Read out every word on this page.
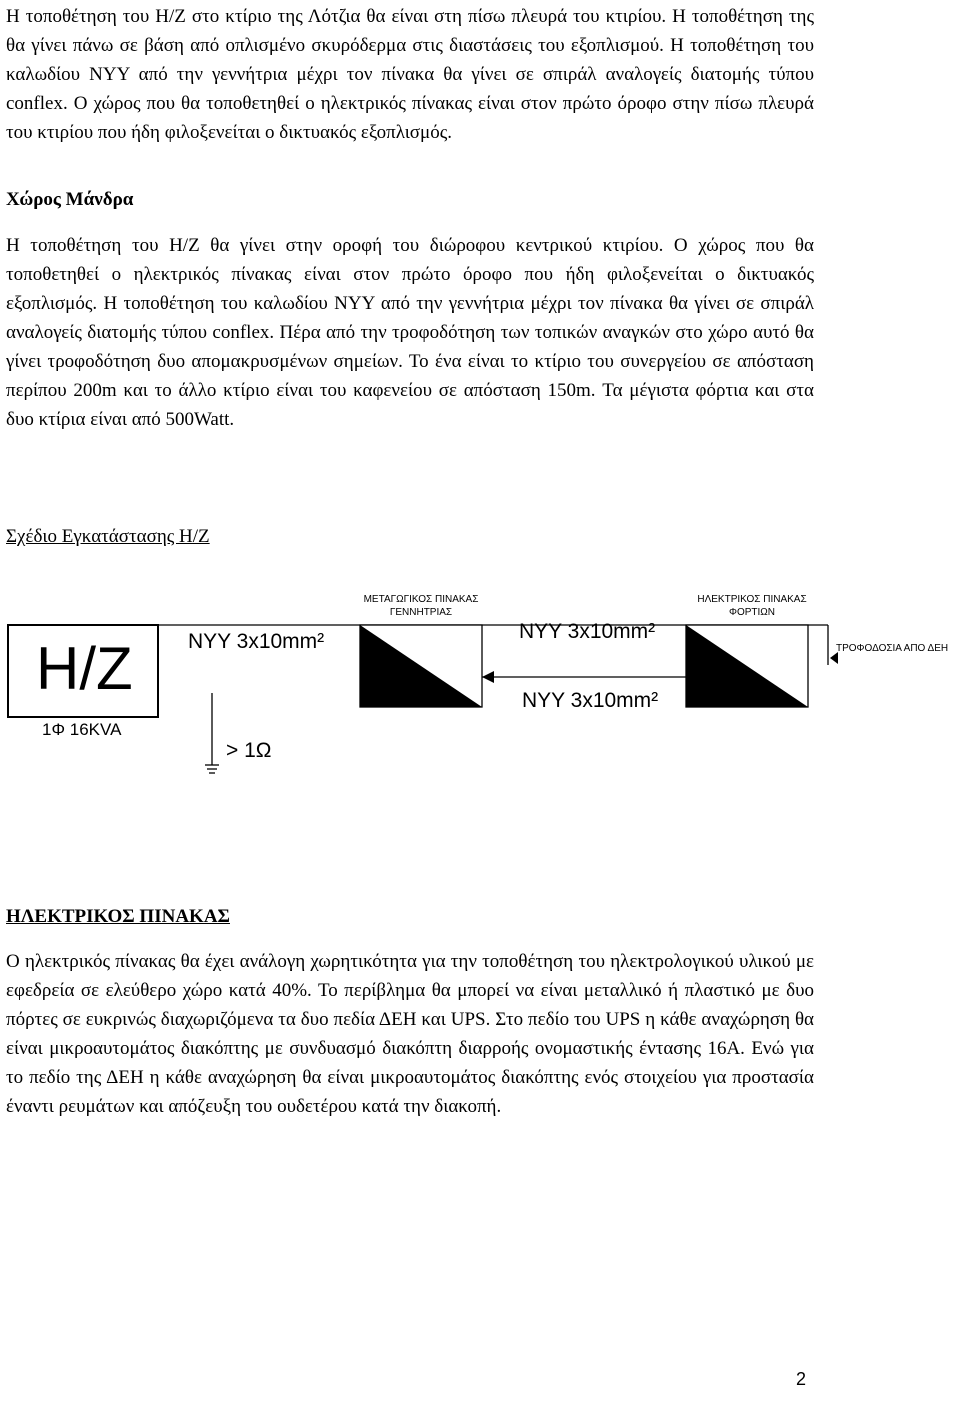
Η τοποθέτηση του Η/Ζ στο κτίριο της Λότζια θα είναι στη πίσω πλευρά του κτιρίου. Η τοποθέτηση της θα γίνει πάνω σε βάση από οπλισμένο σκυρόδερμα στις διαστάσεις του εξοπλισμού. Η τοποθέτηση του καλωδίου NYY από την γεννήτρια μέχρι τον πίνακα θα γίνει σε σπιράλ αναλογείς διατομής τύπου conflex. Ο χώρος που θα τοποθετηθεί ο ηλεκτρικός πίνακας είναι στον πρώτο όροφο στην πίσω πλευρά του κτιρίου που ήδη φιλοξενείται ο δικτυακός εξοπλισμός.

Χώρος Μάνδρα

Η τοποθέτηση του Η/Ζ θα γίνει στην οροφή του διώροφου κεντρικού κτιρίου. Ο χώρος που θα τοποθετηθεί ο ηλεκτρικός πίνακας είναι στον πρώτο όροφο που ήδη φιλοξενείται ο δικτυακός εξοπλισμός. Η τοποθέτηση του καλωδίου NYY από την γεννήτρια μέχρι τον πίνακα θα γίνει σε σπιράλ αναλογείς διατομής τύπου conflex. Πέρα από την τροφοδότηση των τοπικών αναγκών στο χώρο αυτό θα γίνει τροφοδότηση δυο απομακρυσμένων σημείων. Το ένα είναι το κτίριο του συνεργείου σε απόσταση περίπου 200m και το άλλο κτίριο είναι του καφενείου σε απόσταση 150m. Τα μέγιστα φόρτια και στα δυο κτίρια είναι από 500Watt.

Σχέδιο Εγκατάστασης Η/Ζ

H/Z
1Φ 16KVA
NYY 3x10mm²
> 1Ω
ΜΕΤΑΓΩΓΙΚΟΣ ΠΙΝΑΚΑΣ
ΓΕΝΝΗΤΡΙΑΣ
NYY 3x10mm²
NYY 3x10mm²
ΗΛΕΚΤΡΙΚΟΣ ΠΙΝΑΚΑΣ
ΦΟΡΤΙΩΝ
ΤΡΟΦΟΔΟΣΙΑ ΑΠΟ ΔΕΗ

ΗΛΕΚΤΡΙΚΟΣ ΠΙΝΑΚΑΣ

Ο ηλεκτρικός πίνακας θα έχει ανάλογη χωρητικότητα για την τοποθέτηση του ηλεκτρολογικού υλικού με εφεδρεία σε ελεύθερο χώρο κατά 40%. Το περίβλημα θα μπορεί να είναι μεταλλικό ή πλαστικό με δυο πόρτες σε ευκρινώς διαχωριζόμενα τα δυο πεδία ΔΕΗ και UPS. Στο πεδίο του UPS η κάθε αναχώρηση θα είναι μικροαυτομάτος διακόπτης με συνδυασμό διακόπτη διαρροής ονομαστικής έντασης 16A. Ενώ για το πεδίο της ΔΕΗ η κάθε αναχώρηση θα είναι μικροαυτομάτος διακόπτης ενός στοιχείου για προστασία έναντι ρευμάτων και απόζευξη του ουδετέρου κατά την διακοπή.

2
